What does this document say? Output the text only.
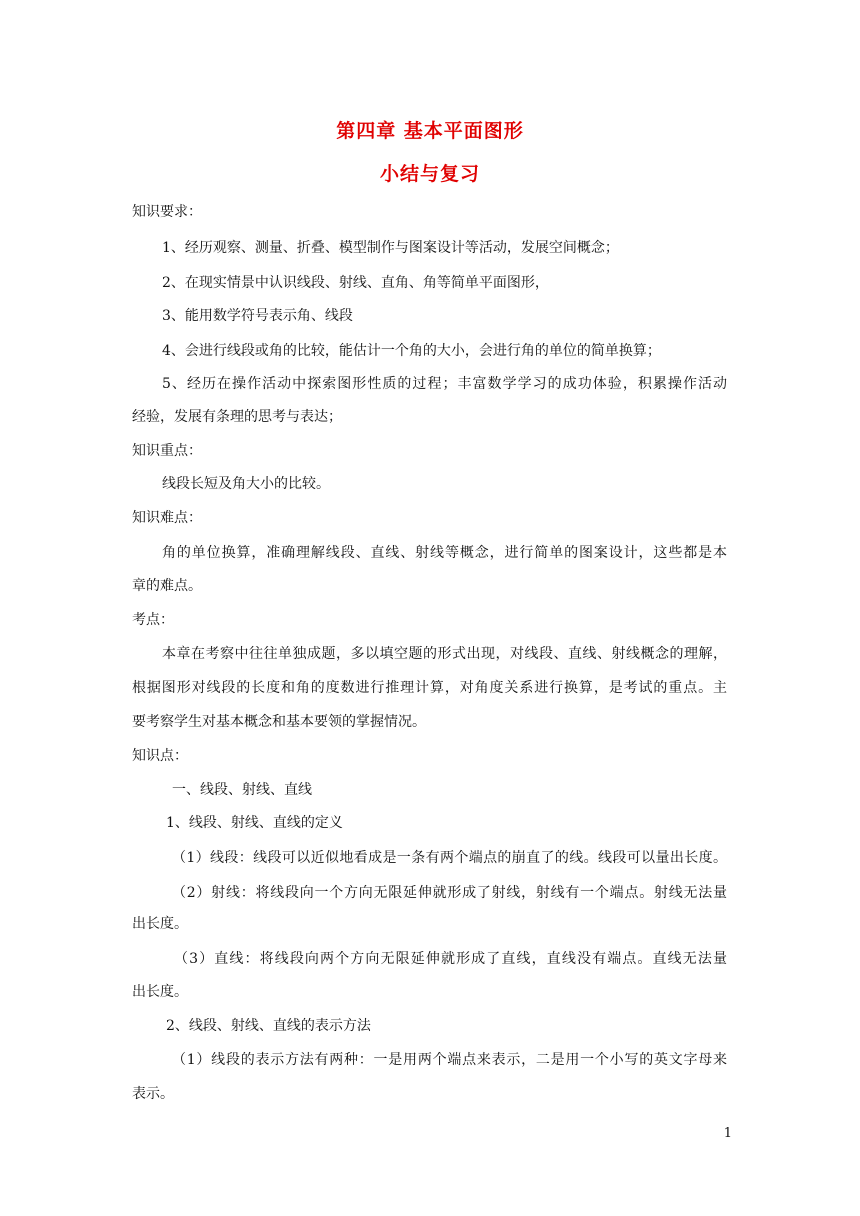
第四章 基本平面图形
小结与复习
知识要求：
1、经历观察、测量、折叠、模型制作与图案设计等活动，发展空间概念；
2、在现实情景中认识线段、射线、直角、角等简单平面图形，
3、能用数学符号表示角、线段
4、会进行线段或角的比较，能估计一个角的大小，会进行角的单位的简单换算；
5、经历在操作活动中探索图形性质的过程；丰富数学学习的成功体验，积累操作活动
经验，发展有条理的思考与表达；
知识重点：
线段长短及角大小的比较。
知识难点：
角的单位换算，准确理解线段、直线、射线等概念，进行简单的图案设计，这些都是本
章的难点。
考点：
本章在考察中往往单独成题，多以填空题的形式出现，对线段、直线、射线概念的理解，
根据图形对线段的长度和角的度数进行推理计算，对角度关系进行换算，是考试的重点。主
要考察学生对基本概念和基本要领的掌握情况。
知识点：
一、线段、射线、直线
1、线段、射线、直线的定义
（1）线段：线段可以近似地看成是一条有两个端点的崩直了的线。线段可以量出长度。
（2）射线：将线段向一个方向无限延伸就形成了射线，射线有一个端点。射线无法量
出长度。
（3）直线：将线段向两个方向无限延伸就形成了直线，直线没有端点。直线无法量
出长度。
2、线段、射线、直线的表示方法
（1）线段的表示方法有两种：一是用两个端点来表示，二是用一个小写的英文字母来
表示。
1
